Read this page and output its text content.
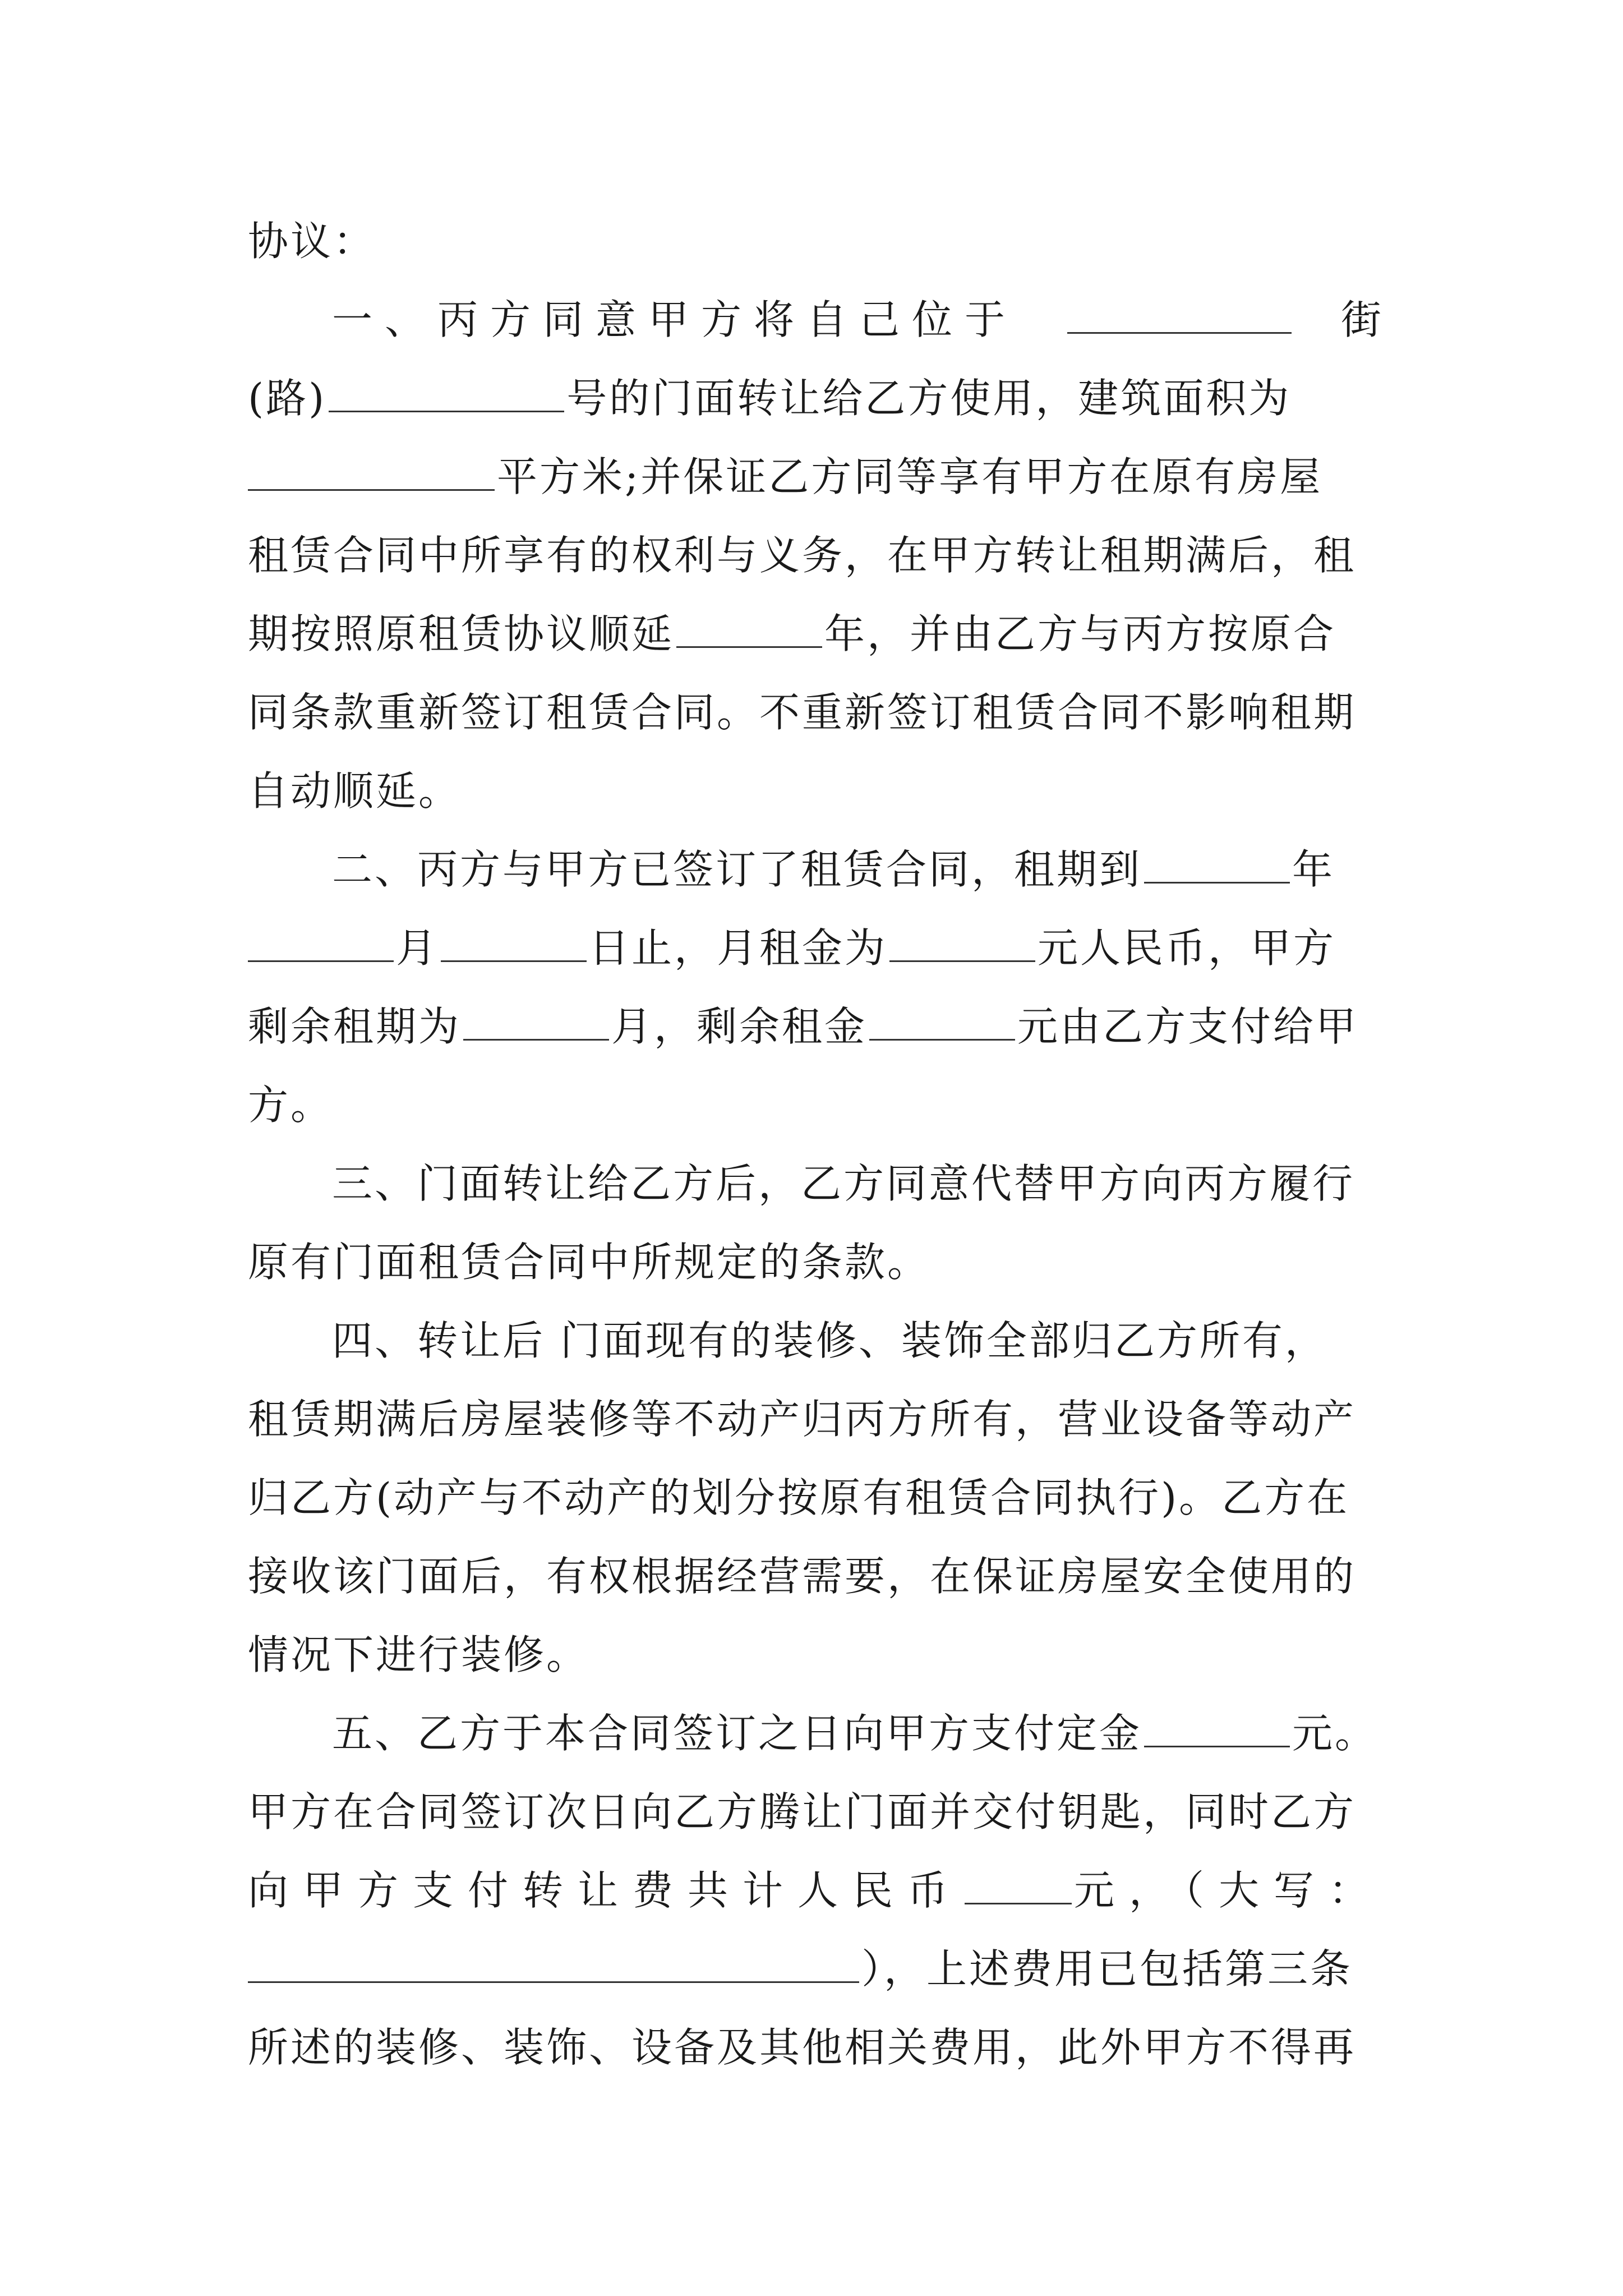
协议：
一、丙方同意甲方将自己位于	街
(路)	号的门面转让给乙方使用，建筑面积为
平方米;并保证乙方同等享有甲方在原有房屋
租赁合同中所享有的权利与义务，在甲方转让租期满后，租
期按照原租赁协议顺延	年，并由乙方与丙方按原合
同条款重新签订租赁合同。不重新签订租赁合同不影响租期
自动顺延。
二、丙方与甲方已签订了租赁合同，租期到	年
月	日止，月租金为	元人民币，甲方
剩余租期为	月，剩余租金	元由乙方支付给甲
方。
三、门面转让给乙方后，乙方同意代替甲方向丙方履行
原有门面租赁合同中所规定的条款。
四、转让后 门面现有的装修、装饰全部归乙方所有，
租赁期满后房屋装修等不动产归丙方所有，营业设备等动产
归乙方(动产与不动产的划分按原有租赁合同执行)。乙方在
接收该门面后，有权根据经营需要，在保证房屋安全使用的
情况下进行装修。
五、乙方于本合同签订之日向甲方支付定金	元。
甲方在合同签订次日向乙方腾让门面并交付钥匙，同时乙方
向甲方支付转让费共计人民币	元，（大写：
），上述费用已包括第三条
所述的装修、装饰、设备及其他相关费用，此外甲方不得再
